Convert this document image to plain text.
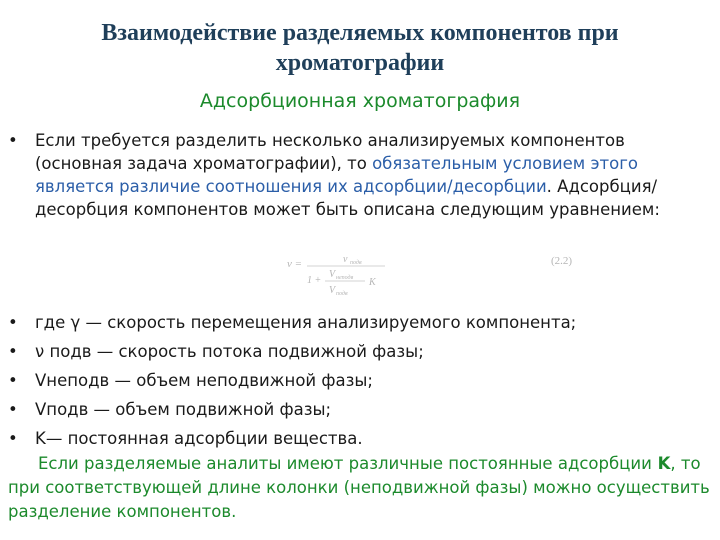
Взаимодействие разделяемых компонентов при хроматографии
Адсорбционная хроматография
• Если требуется разделить несколько анализируемых компонентов (основная задача хроматографии), то обязательным условием этого является различие соотношения их адсорбции/десорбции. Адсорбция/десорбция компонентов может быть описана следующим уравнением:
ν =	ν подв
1 +
V неподв
V подв
K
(2.2)
• где γ — скорость перемещения анализируемого компонента;
• ν подв — скорость потока подвижной фазы;
• Vнеподв — объем неподвижной фазы;
• Vподв — объем подвижной фазы;
• K— постоянная адсорбции вещества.
Если разделяемые аналиты имеют различные постоянные адсорбции K, то при соответствующей длине колонки (неподвижной фазы) можно осуществить разделение компонентов.
